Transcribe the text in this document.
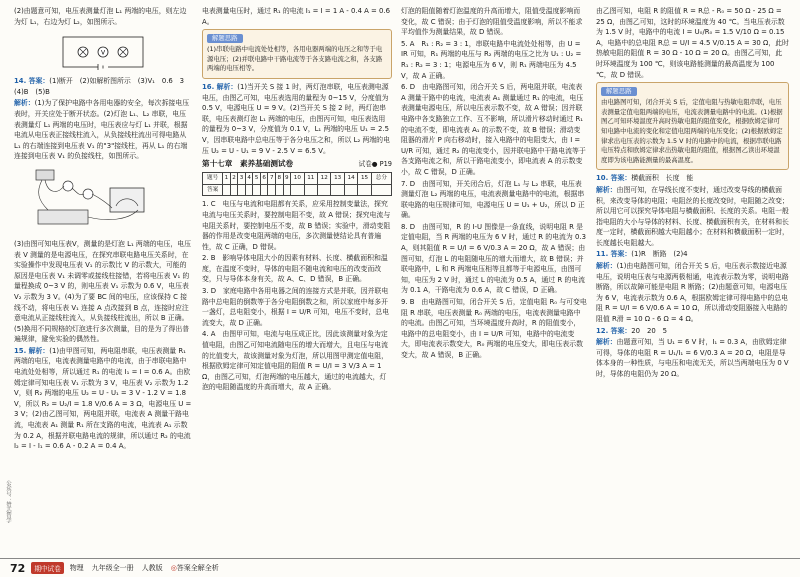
(2)由题意可知，电压表测量灯泡 L₁ 两端的电压，则左边为灯 L₁，右边为灯 L₂，如图所示。

V

14. 答案：(1)断开　(2)如解析图所示　(3)V₁　0.6　3　(4)B　(5)B

解析：(1)为了保护电路中各用电器的安全，每次拆接电压表时，开关应处于断开状态。(2)灯泡 L₁、L₂ 串联，电压表测量灯 L₁ 两端的电压时，电压表应与灯 L₁ 并联，根据电流从电压表正接线柱流入，从负接线柱流出可得电路从 L₁ 的右端连接到电压表 V₁ 的"3"接线柱，再从 L₁ 的右端连接到电压表 V₁ 的负接线柱，如图所示。

(3)由图可知电压表V，测量的是灯泡 L₁ 两端的电压，电压表 V 测量的是电源电压，在探究串联电路电压关系时，在实验操作中发现电压表 V₁ 的示数比 V 的示数大，可能的原因是电压表 V₁ 未调零或接线柱接错，若将电压表 V₁ 的量程换成 0~3 V 的，则电压表 V₁ 示数为 0.6 V，电压表 V₂ 示数为 3 V。(4)为了要 BC 间的电压，应该保持 C 接线不动，将电压表 V₁ 连接 A 点改接到 B 点，连接时应注意电流从正接线柱流入，从负接线柱流出，所以 B 正确。(5)换用不同规格的灯泡进行多次测量，目的是为了得出普遍规律，避免实验的偶然性。

15. 解析：(1)由甲图可知，两电阻串联，电压表测量 R₁ 两端的电压，电流表测量电路中的电流，由于串联电路中电流处处相等，所以通过 R₁ 的电流 I₁ = I = 0.6 A。由欧姆定律可知电压表 V₁ 示数为 3 V，电压表 V₂ 示数为 1.2 V，则 R₂ 两端的电压 U₂ = U - U₁ = 3 V - 1.2 V = 1.8 V，所以 R₂ = U₂/I = 1.8 V/0.6 A = 3 Ω，电源电压 U = 3 V；(2)由乙图可知，两电阻并联，电流表 A 测量干路电流，电流表 A₁ 测量 R₁ 所在支路的电流，电流表 A₁ 示数为 0.2 A，根据并联电路电流的规律，所以通过 R₂ 的电流 I₂ = I - I₁ = 0.6 A - 0.2 A = 0.4 A。

电表测量电压时，通过 R₁ 的电流 I₁ = I = 1 A - 0.4 A = 0.6 A。

解题思路

(1)串联电路中电流处处相等，各用电器两端的电压之和等于电源电压；(2)并联电路中干路电流等于各支路电流之和，各支路两端的电压相等。

16. 解析：(1)当开关 S 接 1 时，两灯泡串联，电压表测电源电压，由图乙可知，电压表选用的量程为 0~15 V，分度值为 0.5 V，电源电压 U = 9 V。(2)当开关 S 接 2 时，两灯泡串联，电压表测灯泡 L₁ 两端的电压，由图丙可知，电压表选用的量程为 0~3 V，分度值为 0.1 V，L₁ 两端的电压 U₁ = 2.5 V，因串联电路中总电压等于各分电压之和，所以 L₂ 两端的电压 U₂ = U - U₁ = 9 V - 2.5 V = 6.5 V。

第十七章　素养基础测试卷	试卷● P19
题号	1	2	3	4	5	6	7	8	9	10	11	12	13	14	15	总分
答案																

1. C　电压与电流和电阻都有关系，应采用控制变量法，探究电流与电压关系时，要控制电阻不变，故 A 错误；探究电流与电阻关系时，要控制电压不变，故 B 错误；实验中，滑动变阻器的作用是改变电阻两端的电压，多次测量使结论具有普遍性，故 C 正确，D 错误。

2. B　影响导体电阻大小的因素有材料、长度、横截面积和温度，在温度不变时，导体的电阻不随电流和电压的改变而改变，只与导体本身有关，故 A、C、D 错误，B 正确。

3. D　家庭电路中各用电器之间的连接方式是并联，因并联电路中总电阻的倒数等于各分电阻倒数之和，所以家庭中每多开一盏灯，总电阻变小，根据 I = U/R 可知，电压不变时，总电流变大，故 D 正确。

4. A　由图甲可知，电流与电压成正比，因此该测量对象为定值电阻，由图乙可知电流随电压的增大而增大，且电压与电流的比值变大，故该测量对象为灯泡，所以用图甲测定值电阻，根据欧姆定律可知定值电阻的阻值 R = U/I = 3 V/3 A = 1 Ω，由图乙可知，灯泡两端的电压越大，通过的电流越大，灯泡的电阻随温度的升高而增大，故 A 正确。

灯泡的阻值随着灯泡温度的升高而增大，阻值受温度影响而变化，故 C 错误；由于灯泡的阻值受温度影响，所以不能求平均值作为测量结果，故 D 错误。

5. A　R₁ : R₂ = 3 : 1，串联电路中电流处处相等，由 U = IR 可知，R₁ 两端的电压与 R₂ 两端的电压之比为 U₁ : U₂ = R₁ : R₂ = 3 : 1；电源电压为 6 V，则 R₁ 两端电压为 4.5 V，故 A 正确。

6. D　由电路图可知，闭合开关 S 后，两电阻并联，电流表 A 测量干路中的电流，电流表 A₁ 测量通过 R₁ 的电流，电压表测量电源电压，所以电压表示数不变，故 A 错误；因并联电路中各支路独立工作、互不影响，所以滑片移动时通过 R₁ 的电流不变，即电流表 A₁ 的示数不变，故 B 错误；滑动变阻器的滑片 P 向右移动时，接入电路中的电阻变大，由 I = U/R 可知，通过 R₂ 的电流变小，因并联电路中干路电流等于各支路电流之和，所以干路电流变小，即电流表 A 的示数变小，故 C 错误，D 正确。

7. D　由图可知，开关闭合后，灯泡 L₁ 与 L₂ 串联，电压表测量灯泡 L₂ 两端的电压，电流表测量电路中的电流，根据串联电路的电压规律可知，电源电压 U = U₁ + U₂，所以 D 正确。

8. D　由图可知，R 的 I-U 图像是一条直线，说明电阻 R 是定值电阻，当 R 两端的电压为 6 V 时，通过 R 的电流为 0.3 A，则其阻值 R = U/I = 6 V/0.3 A = 20 Ω，故 A 错误；由图可知，灯泡 L 的电阻随电压的增大而增大，故 B 错误；并联电路中，L 和 R 两端电压相等且都等于电源电压，由图可知，电压为 2 V 时，通过 L 的电流为 0.5 A，通过 R 的电流为 0.1 A，干路电流为 0.6 A，故 C 错误，D 正确。

9. B　由电路图可知，闭合开关 S 后，定值电阻 R₀ 与可变电阻 R 串联，电压表测量 R₀ 两端的电压，电流表测量电路中的电流。由图乙可知，当环境温度升高时，R 的阻值变小，电路中的总电阻变小，由 I = U/R 可知，电路中的电流变大，即电流表示数变大，R₀ 两端的电压变大，即电压表示数变大，故 A 错误，B 正确。

由乙图可知，电阻 R 的阻值 R = R总 - R₀ = 50 Ω - 25 Ω = 25 Ω，由图乙可知，这时的环境温度为 40 ℃。当电压表示数为 1.5 V 时，电路中的电流 I = U₀/R₀ = 1.5 V/10 Ω = 0.15 A，电路中的总电阻 R总 = U/I = 4.5 V/0.15 A = 30 Ω，此时热敏电阻的阻值 R = 30 Ω - 10 Ω = 20 Ω。由图乙可知，此时环境温度为 100 ℃，则该电路能测量的最高温度为 100 ℃，故 D 错误。

解题思路

由电路图可知，闭合开关 S 后，定值电阻与热敏电阻串联，电压表测量定值电阻两端的电压，电流表测量电路中的电流。(1)根据图乙可知环境温度升高时热敏电阻的阻值变化，根据欧姆定律可知电路中电流的变化和定值电阻两端的电压变化；(2)根据欧姆定律求出电压表的示数为 1.5 V 时的电路中的电流，根据串联电路电压特点和欧姆定律求出热敏电阻的阻值，根据图乙读出环境温度即为该电路能测量的最高温度。

10. 答案：横截面积　长度　能

解析：由图可知，在导线长度不变时，通过改变导线的横截面积，来改变导体的电阻；电阻丝的长度改变时，电阻随之改变；所以用它可以探究导体电阻与横截面积、长度的关系。电阻一般指电阻的大小与导体的材料、长度、横截面积有关，在材料和长度一定时，横截面积越大电阻越小；在材料和横截面积一定时，长度越长电阻越大。

11. 答案：(1)R　断路　(2)4

解析：(1)由电路图可知，闭合开关 S 后，电压表示数接近电源电压，说明电压表与电源两极相通，电流表示数为零，说明电路断路，所以故障可能是电阻 R 断路；(2)由题意可知，电源电压为 6 V，电流表示数为 0.6 A，根据欧姆定律可得电路中的总电阻 R = U/I = 6 V/0.6 A = 10 Ω，所以滑动变阻器接入电路的阻值 R滑 = 10 Ω - 6 Ω = 4 Ω。

12. 答案：20　20　5

解析：由题意可知，当 U₁ = 6 V 时，I₁ = 0.3 A，由欧姆定律可得，导体的电阻 R = U₁/I₁ = 6 V/0.3 A = 20 Ω，电阻是导体本身的一种性质，与电压和电流无关，所以当两端电压为 0 V 时，导体的电阻仍为 20 Ω。

公众号：赞芯智学
72	期中试卷	物理 九年级全一册 人教版 ◎ 答案全解全析
